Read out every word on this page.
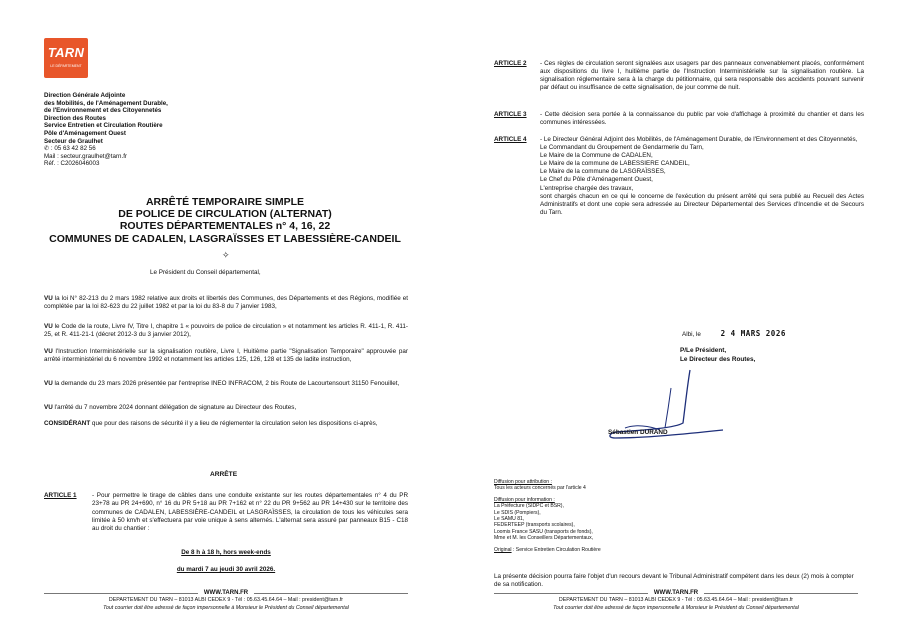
TARN
LE DÉPARTEMENT
Direction Générale Adjointe
des Mobilités, de l'Aménagement Durable,
de l'Environnement et des Citoyennetés
Direction des Routes
Service Entretien et Circulation Routière
Pôle d'Aménagement Ouest
Secteur de Graulhet
✆ : 05 63 42 82 56
Mail : secteur.graulhet@tarn.fr
Réf. : C2026046003
ARRÊTÉ TEMPORAIRE SIMPLE
DE POLICE DE CIRCULATION (ALTERNAT)
ROUTES DÉPARTEMENTALES n° 4, 16, 22
COMMUNES DE CADALEN, LASGRAÏSSES ET LABESSIÈRE-CANDEIL
✧
Le Président du Conseil départemental,
VU la loi N° 82-213 du 2 mars 1982 relative aux droits et libertés des Communes, des Départements et des Régions, modifiée et complétée par la loi 82-623 du 22 juillet 1982 et par la loi du 83-8 du 7 janvier 1983,
VU le Code de la route, Livre IV, Titre I, chapitre 1 « pouvoirs de police de circulation » et notamment les articles R. 411-1, R. 411-25, et R. 411-21-1 (décret 2012-3 du 3 janvier 2012),
VU l'Instruction Interministérielle sur la signalisation routière, Livre I, Huitième partie "Signalisation Temporaire" approuvée par arrêté interministériel du 6 novembre 1992 et notamment les articles 125, 126, 128 et 135 de ladite instruction,
VU la demande du 23 mars 2026 présentée par l'entreprise INEO INFRACOM, 2 bis Route de Lacourtensourt 31150 Fenouillet,
VU l'arrêté du 7 novembre 2024 donnant délégation de signature au Directeur des Routes,
CONSIDÉRANT que pour des raisons de sécurité il y a lieu de réglementer la circulation selon les dispositions ci-après,
ARRÊTE
ARTICLE 1 - Pour permettre le tirage de câbles dans une conduite existante sur les routes départementales n° 4 du PR 23+78 au PR 24+690, n° 16 du PR 5+18 au PR 7+162 et n° 22 du PR 9+562 au PR 14+430 sur le territoire des communes de CADALEN, LABESSIÈRE-CANDEIL et LASGRAÏSSES, la circulation de tous les véhicules sera limitée à 50 km/h et s'effectuera par voie unique à sens alternés. L'alternat sera assuré par panneaux B15 - C18 au droit du chantier :
De 8 h à 18 h, hors week-ends
du mardi 7 au jeudi 30 avril 2026.
WWW.TARN.FR
DEPARTEMENT DU TARN – 81013 ALBI CEDEX 9 - Tél : 05.63.45.64.64 – Mail : president@tarn.fr
Tout courrier doit être adressé de façon impersonnelle à Monsieur le Président du Conseil départemental
ARTICLE 2 - Ces règles de circulation seront signalées aux usagers par des panneaux convenablement placés, conformément aux dispositions du livre I, huitième partie de l'Instruction Interministérielle sur la signalisation routière. La signalisation réglementaire sera à la charge du pétitionnaire, qui sera responsable des accidents pouvant survenir par défaut ou insuffisance de cette signalisation, de jour comme de nuit.
ARTICLE 3 - Cette décision sera portée à la connaissance du public par voie d'affichage à proximité du chantier et dans les communes intéressées.
ARTICLE 4 - Le Directeur Général Adjoint des Mobilités, de l'Aménagement Durable, de l'Environnement et des Citoyennetés,
Le Commandant du Groupement de Gendarmerie du Tarn,
Le Maire de la Commune de CADALEN,
Le Maire de la commune de LABESSIERE CANDEIL,
Le Maire de la commune de LASGRAÏSSES,
Le Chef du Pôle d'Aménagement Ouest,
L'entreprise chargée des travaux,
sont chargés chacun en ce qui le concerne de l'exécution du présent arrêté qui sera publié au Recueil des Actes Administratifs et dont une copie sera adressée au Directeur Départemental des Services d'Incendie et de Secours du Tarn.
Albi, le	2 4 MARS 2026
P/Le Président,
Le Directeur des Routes,
Sébastien DURAND
Diffusion pour attribution :
Tous les acteurs concernés par l'article 4
Diffusion pour information :
La Préfecture (SIDPC et BSR),
Le SDIS (Pompiers),
Le SAMU 81,
FEDERTEEP (transports scolaires),
Loomis France SASU (transports de fonds),
Mme et M. les Conseillers Départementaux,
Original : Service Entretien Circulation Routière
La présente décision pourra faire l'objet d'un recours devant le Tribunal Administratif compétent dans les deux (2) mois à compter de sa notification.
WWW.TARN.FR
DEPARTEMENT DU TARN – 81013 ALBI CEDEX 9 - Tél : 05.63.45.64.64 – Mail : president@tarn.fr
Tout courrier doit être adressé de façon impersonnelle à Monsieur le Président du Conseil départemental
